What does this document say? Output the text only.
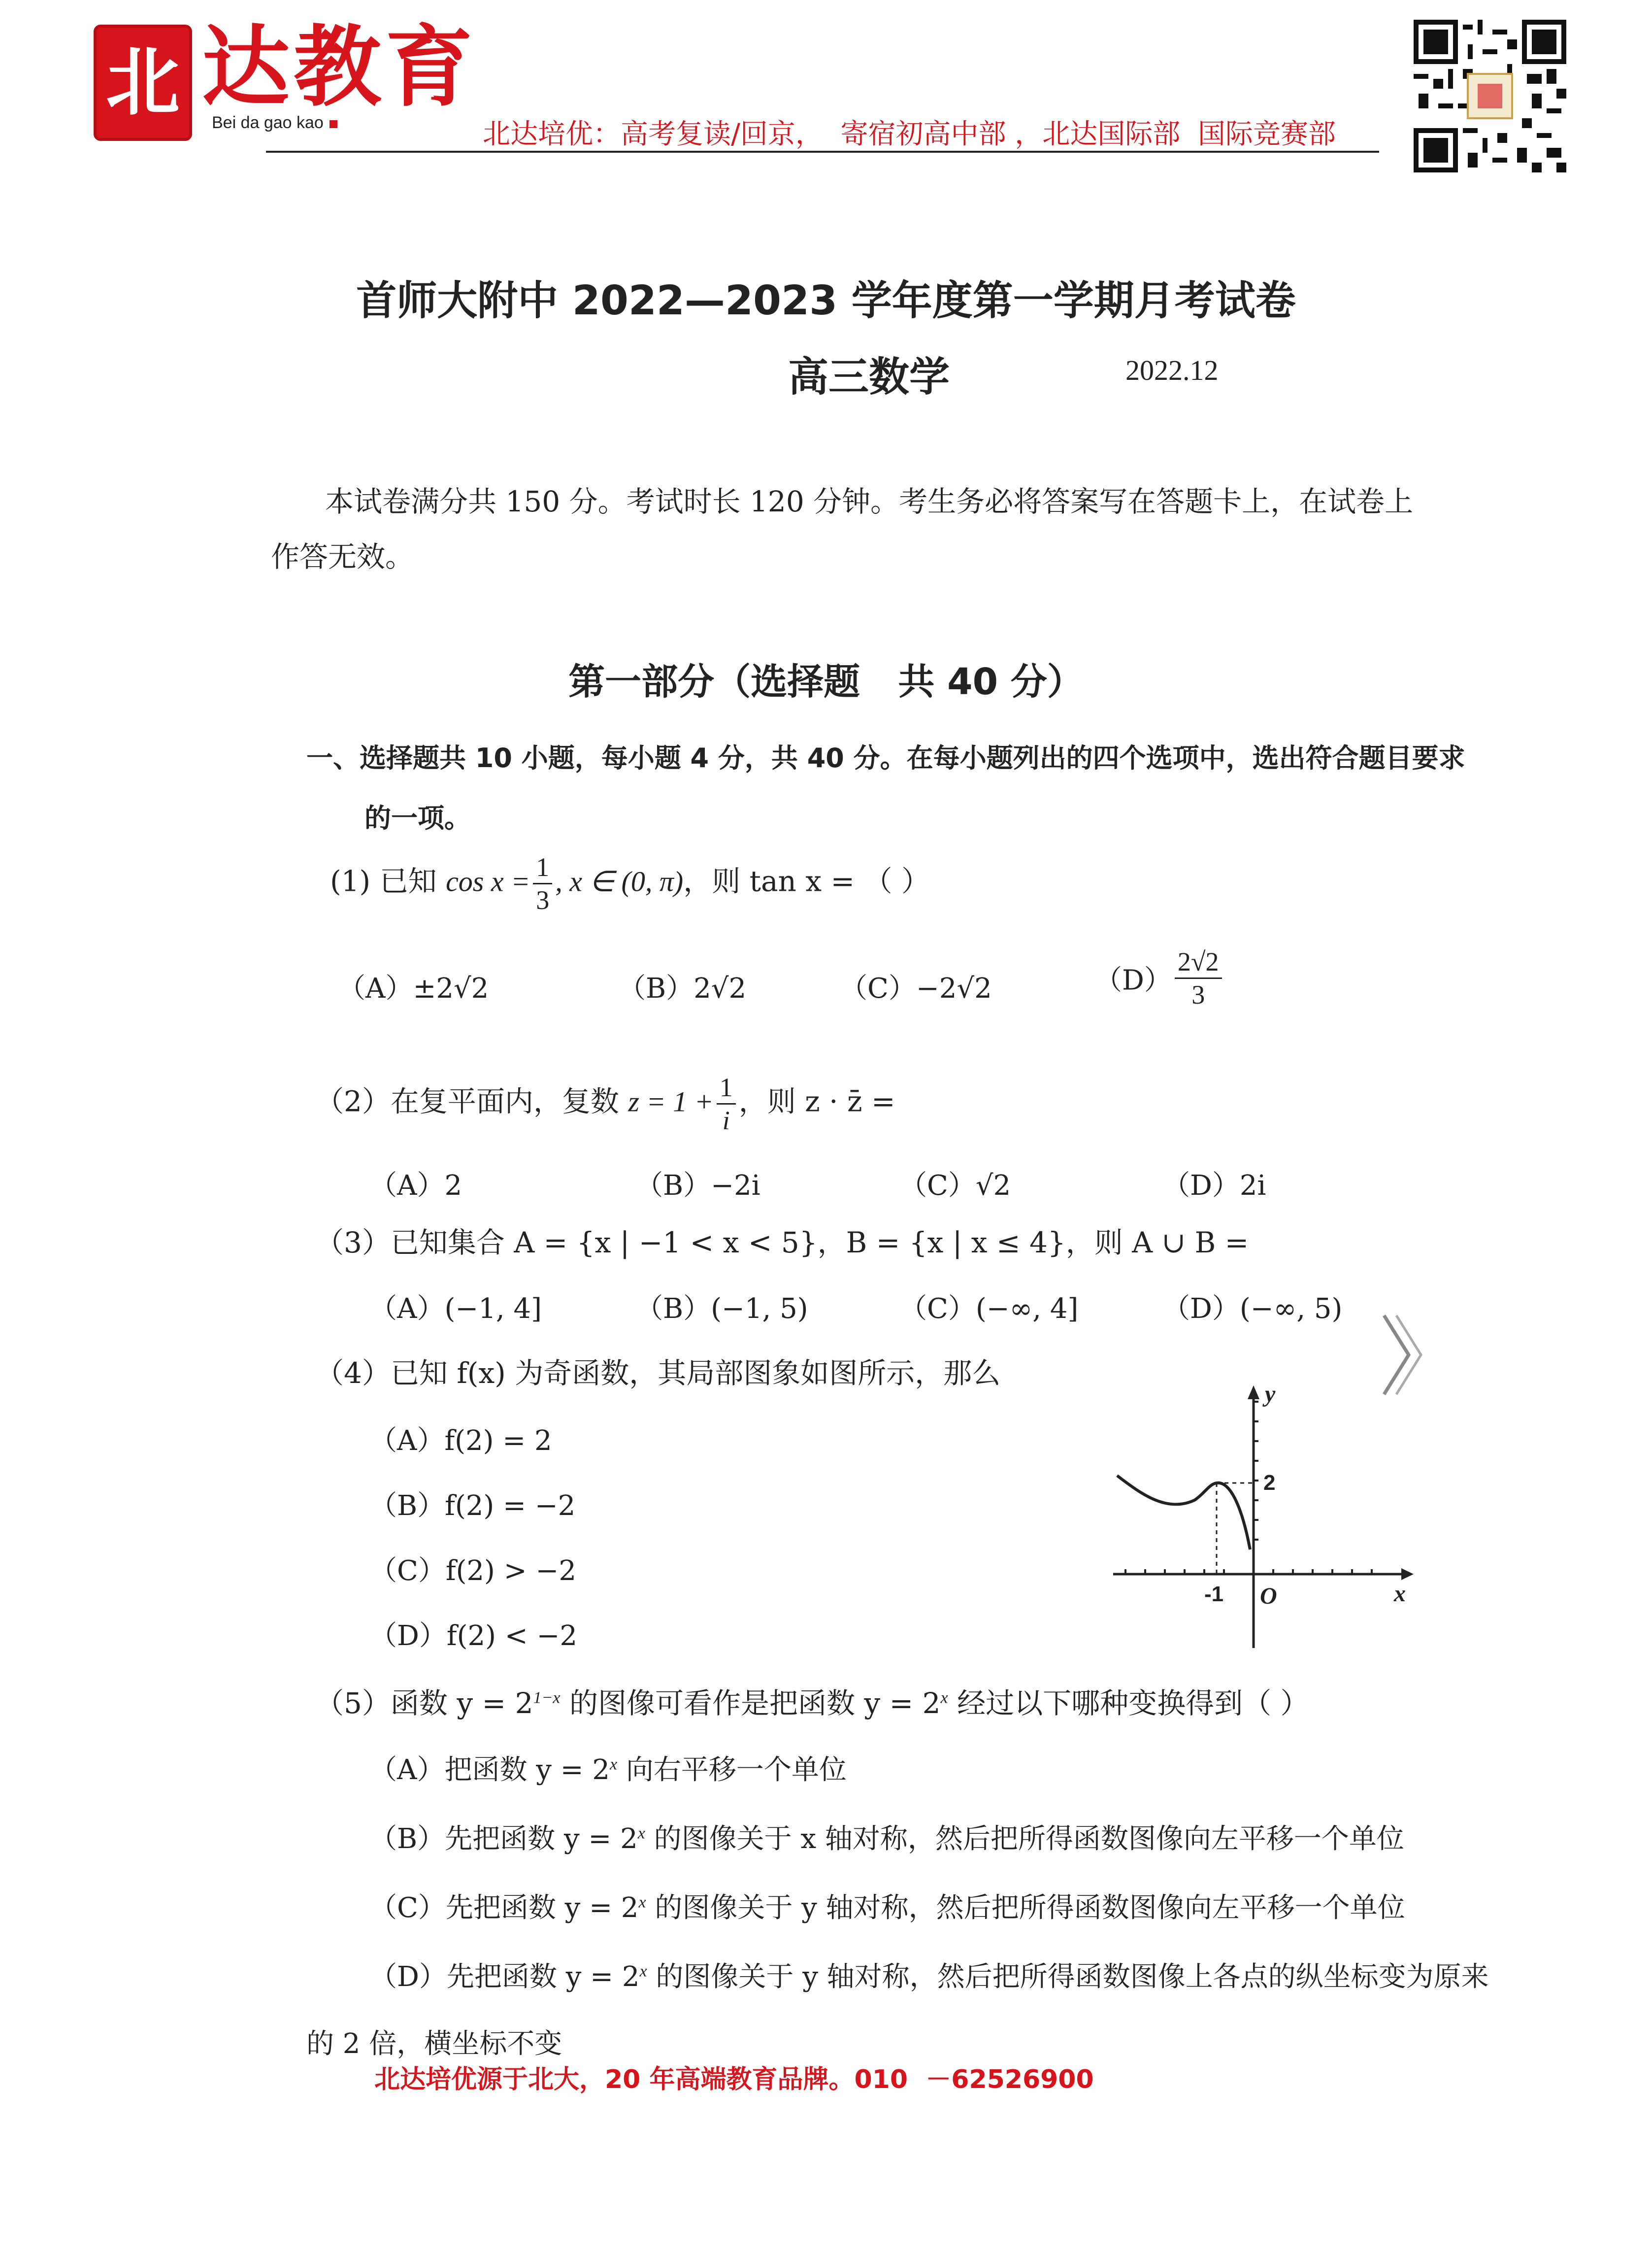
北 达教育
Bei da gao kao	北达培优：高考复读/回京，  寄宿初高中部 ，北达国际部  国际竞赛部
首师大附中 2022—2023 学年度第一学期月考试卷
高三数学	2022.12
本试卷满分共 150 分。考试时长 120 分钟。考生务必将答案写在答题卡上，在试卷上作答无效。
第一部分（选择题   共 40 分）
一、选择题共 10 小题，每小题 4 分，共 40 分。在每小题列出的四个选项中，选出符合题目要求
的一项。
(1) 已知 $\cos x = \frac{1}{3}$ , x ∈ (0, π)，则 tan x = （ ）
（A）±2√2	（B）2√2	（C）−2√2	$(D) \frac{2√2}{3}$
（2）在复平面内，复数 $z = 1 + \frac{1}{i}$ ，则 z · z̄ =
（A）2	（B）−2i	（C）√2	（D）2i
（3）已知集合 A = {x | −1 < x < 5}，B = {x | x ≤ 4}，则 A ∪ B =
（A）(−1, 4]	（B）(−1, 5)	（C）(−∞, 4]	（D）(−∞, 5)
（4）已知 f(x) 为奇函数，其局部图象如图所示，那么
（A）f(2) = 2
（B）f(2) = −2
（C）f(2) > −2
（D）f(2) < −2
y
x
O
-1
2
（5）函数 $y = 2^{1-x}$ 的图像可看作是把函数 $y = 2^x$ 经过以下哪种变换得到（ ）
（A）把函数 $y = 2^x$ 向右平移一个单位
（B）先把函数 $y = 2^x$ 的图像关于 x 轴对称，然后把所得函数图像向左平移一个单位
（C）先把函数 $y = 2^x$ 的图像关于 y 轴对称，然后把所得函数图像向左平移一个单位
（D）先把函数 $y = 2^x$ 的图像关于 y 轴对称，然后把所得函数图像上各点的纵坐标变为原来
的 2 倍，横坐标不变
北达培优源于北大，20 年高端教育品牌。010  －62526900
